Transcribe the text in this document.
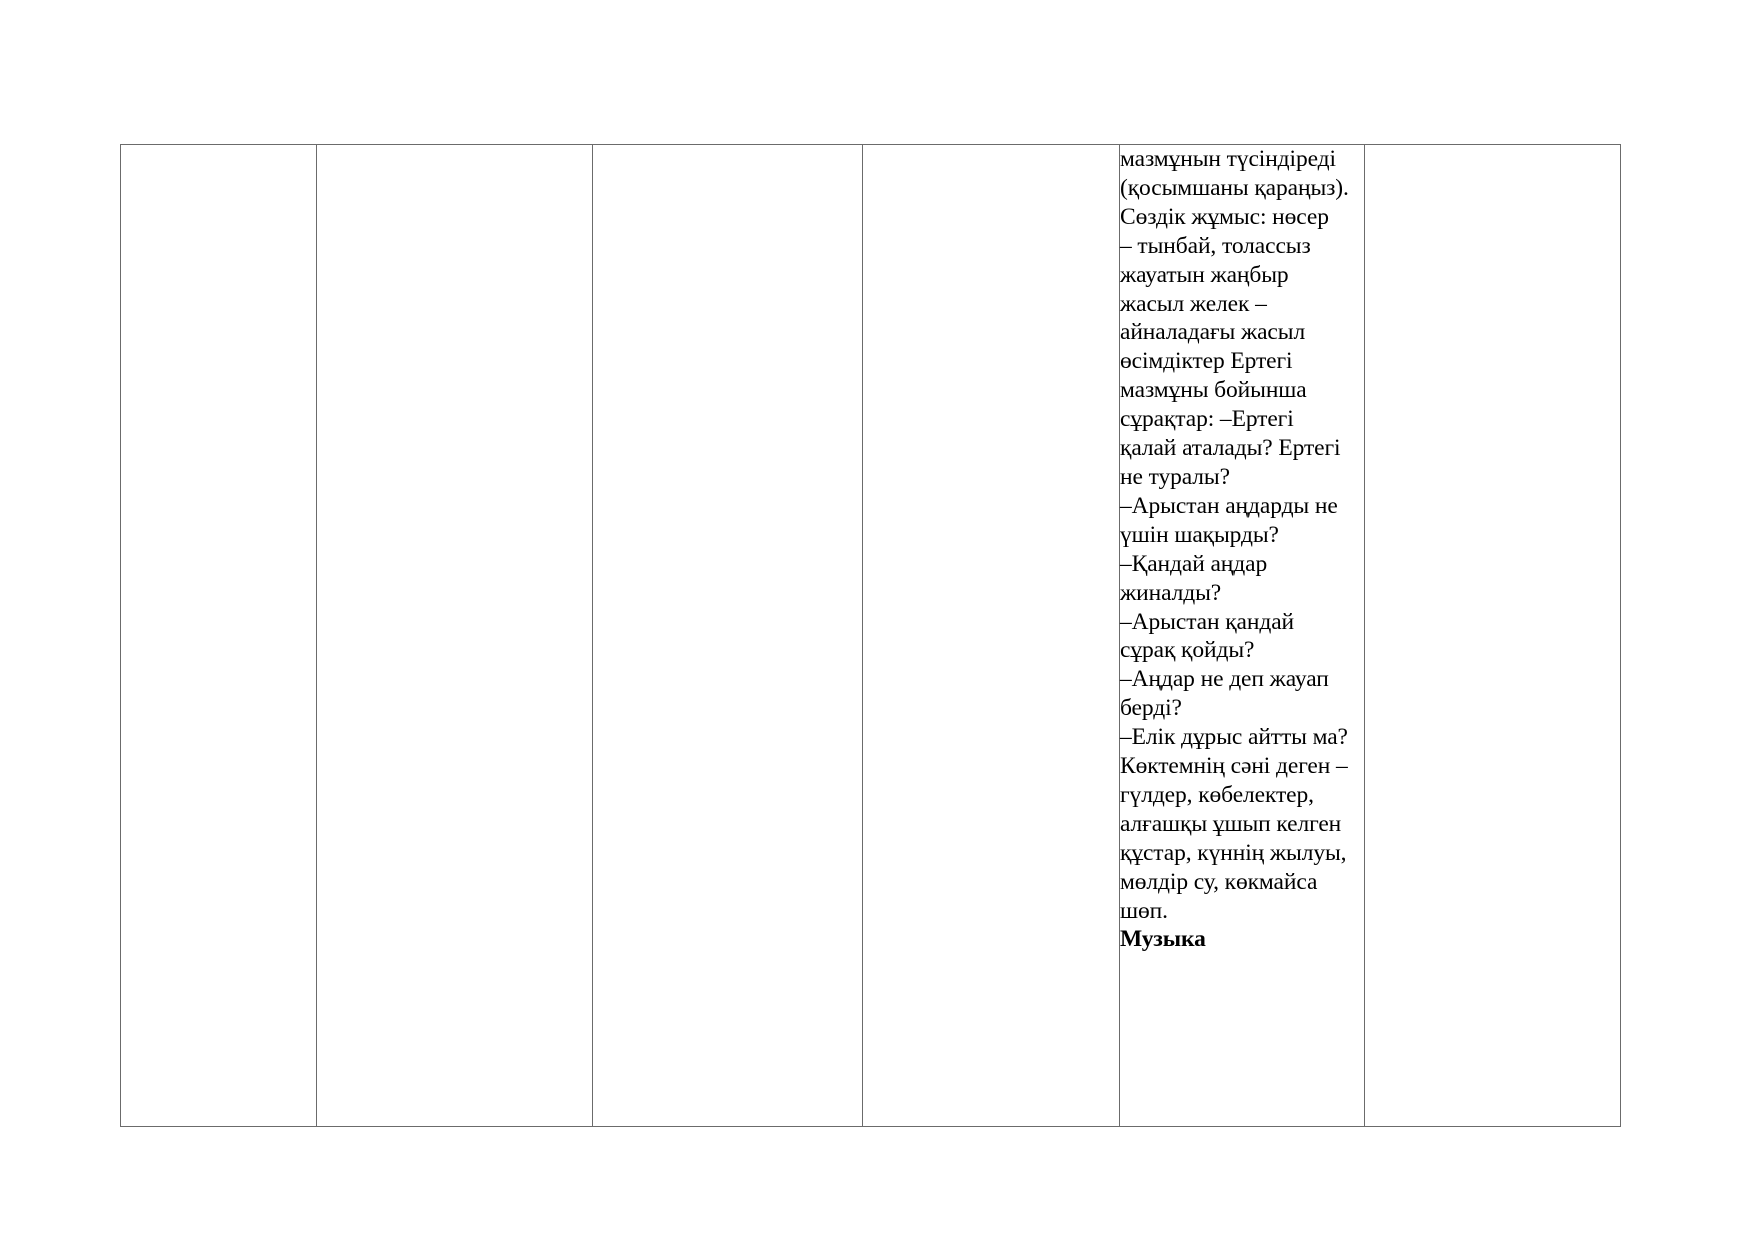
мазмұнын түсіндіреді
(қосымшаны қараңыз).
Сөздік жұмыс: нөсер
– тынбай, толассыз
жауатын жаңбыр
жасыл желек –
айналадағы жасыл
өсімдіктер Ертегі
мазмұны бойынша
сұрақтар: –Ертегі
қалай аталады? Ертегі
не туралы?
–Арыстан аңдарды не
үшін шақырды?
–Қандай аңдар
жиналды?
–Арыстан қандай
сұрақ қойды?
–Аңдар не деп жауап
берді?
–Елік дұрыс айтты ма?
Көктемнің сәні деген –
гүлдер, көбелектер,
алғашқы ұшып келген
құстар, күннің жылуы,
мөлдір су, көкмайса
шөп.
Музыка
